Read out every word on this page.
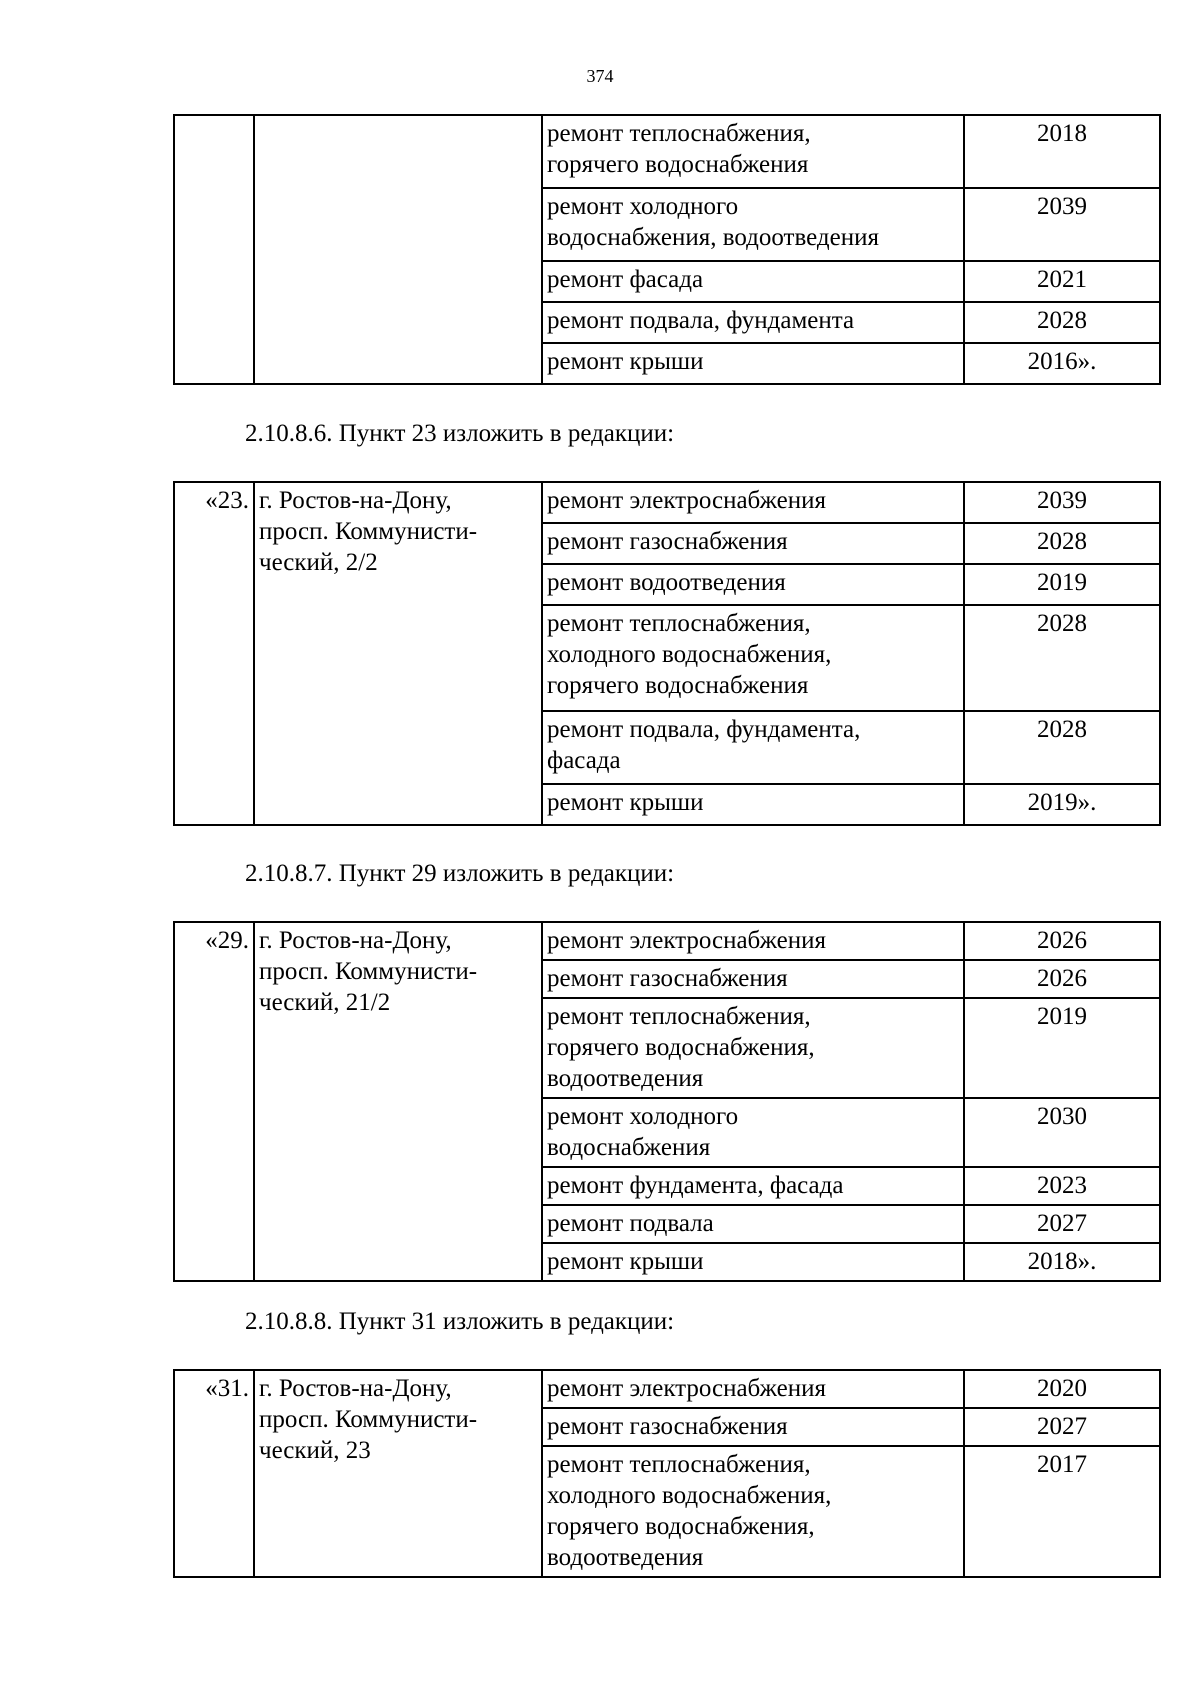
374
		ремонт теплоснабжения,
горячего водоснабжения	2018
		ремонт холодного
водоснабжения, водоотведения	2039
		ремонт фасада	2021
		ремонт подвала, фундамента	2028
		ремонт крыши	2016».
2.10.8.6. Пункт 23 изложить в редакции:
«23.	г. Ростов-на-Дону,
просп. Коммунисти-
ческий, 2/2	ремонт электроснабжения	2039
		ремонт газоснабжения	2028
		ремонт водоотведения	2019
		ремонт теплоснабжения,
холодного водоснабжения,
горячего водоснабжения	2028
		ремонт подвала, фундамента,
фасада	2028
		ремонт крыши	2019».
2.10.8.7. Пункт 29 изложить в редакции:
«29.	г. Ростов-на-Дону,
просп. Коммунисти-
ческий, 21/2	ремонт электроснабжения	2026
		ремонт газоснабжения	2026
		ремонт теплоснабжения,
горячего водоснабжения,
водоотведения	2019
		ремонт холодного
водоснабжения	2030
		ремонт фундамента, фасада	2023
		ремонт подвала	2027
		ремонт крыши	2018».
2.10.8.8. Пункт 31 изложить в редакции:
«31.	г. Ростов-на-Дону,
просп. Коммунисти-
ческий, 23	ремонт электроснабжения	2020
		ремонт газоснабжения	2027
		ремонт теплоснабжения,
холодного водоснабжения,
горячего водоснабжения,
водоотведения	2017
